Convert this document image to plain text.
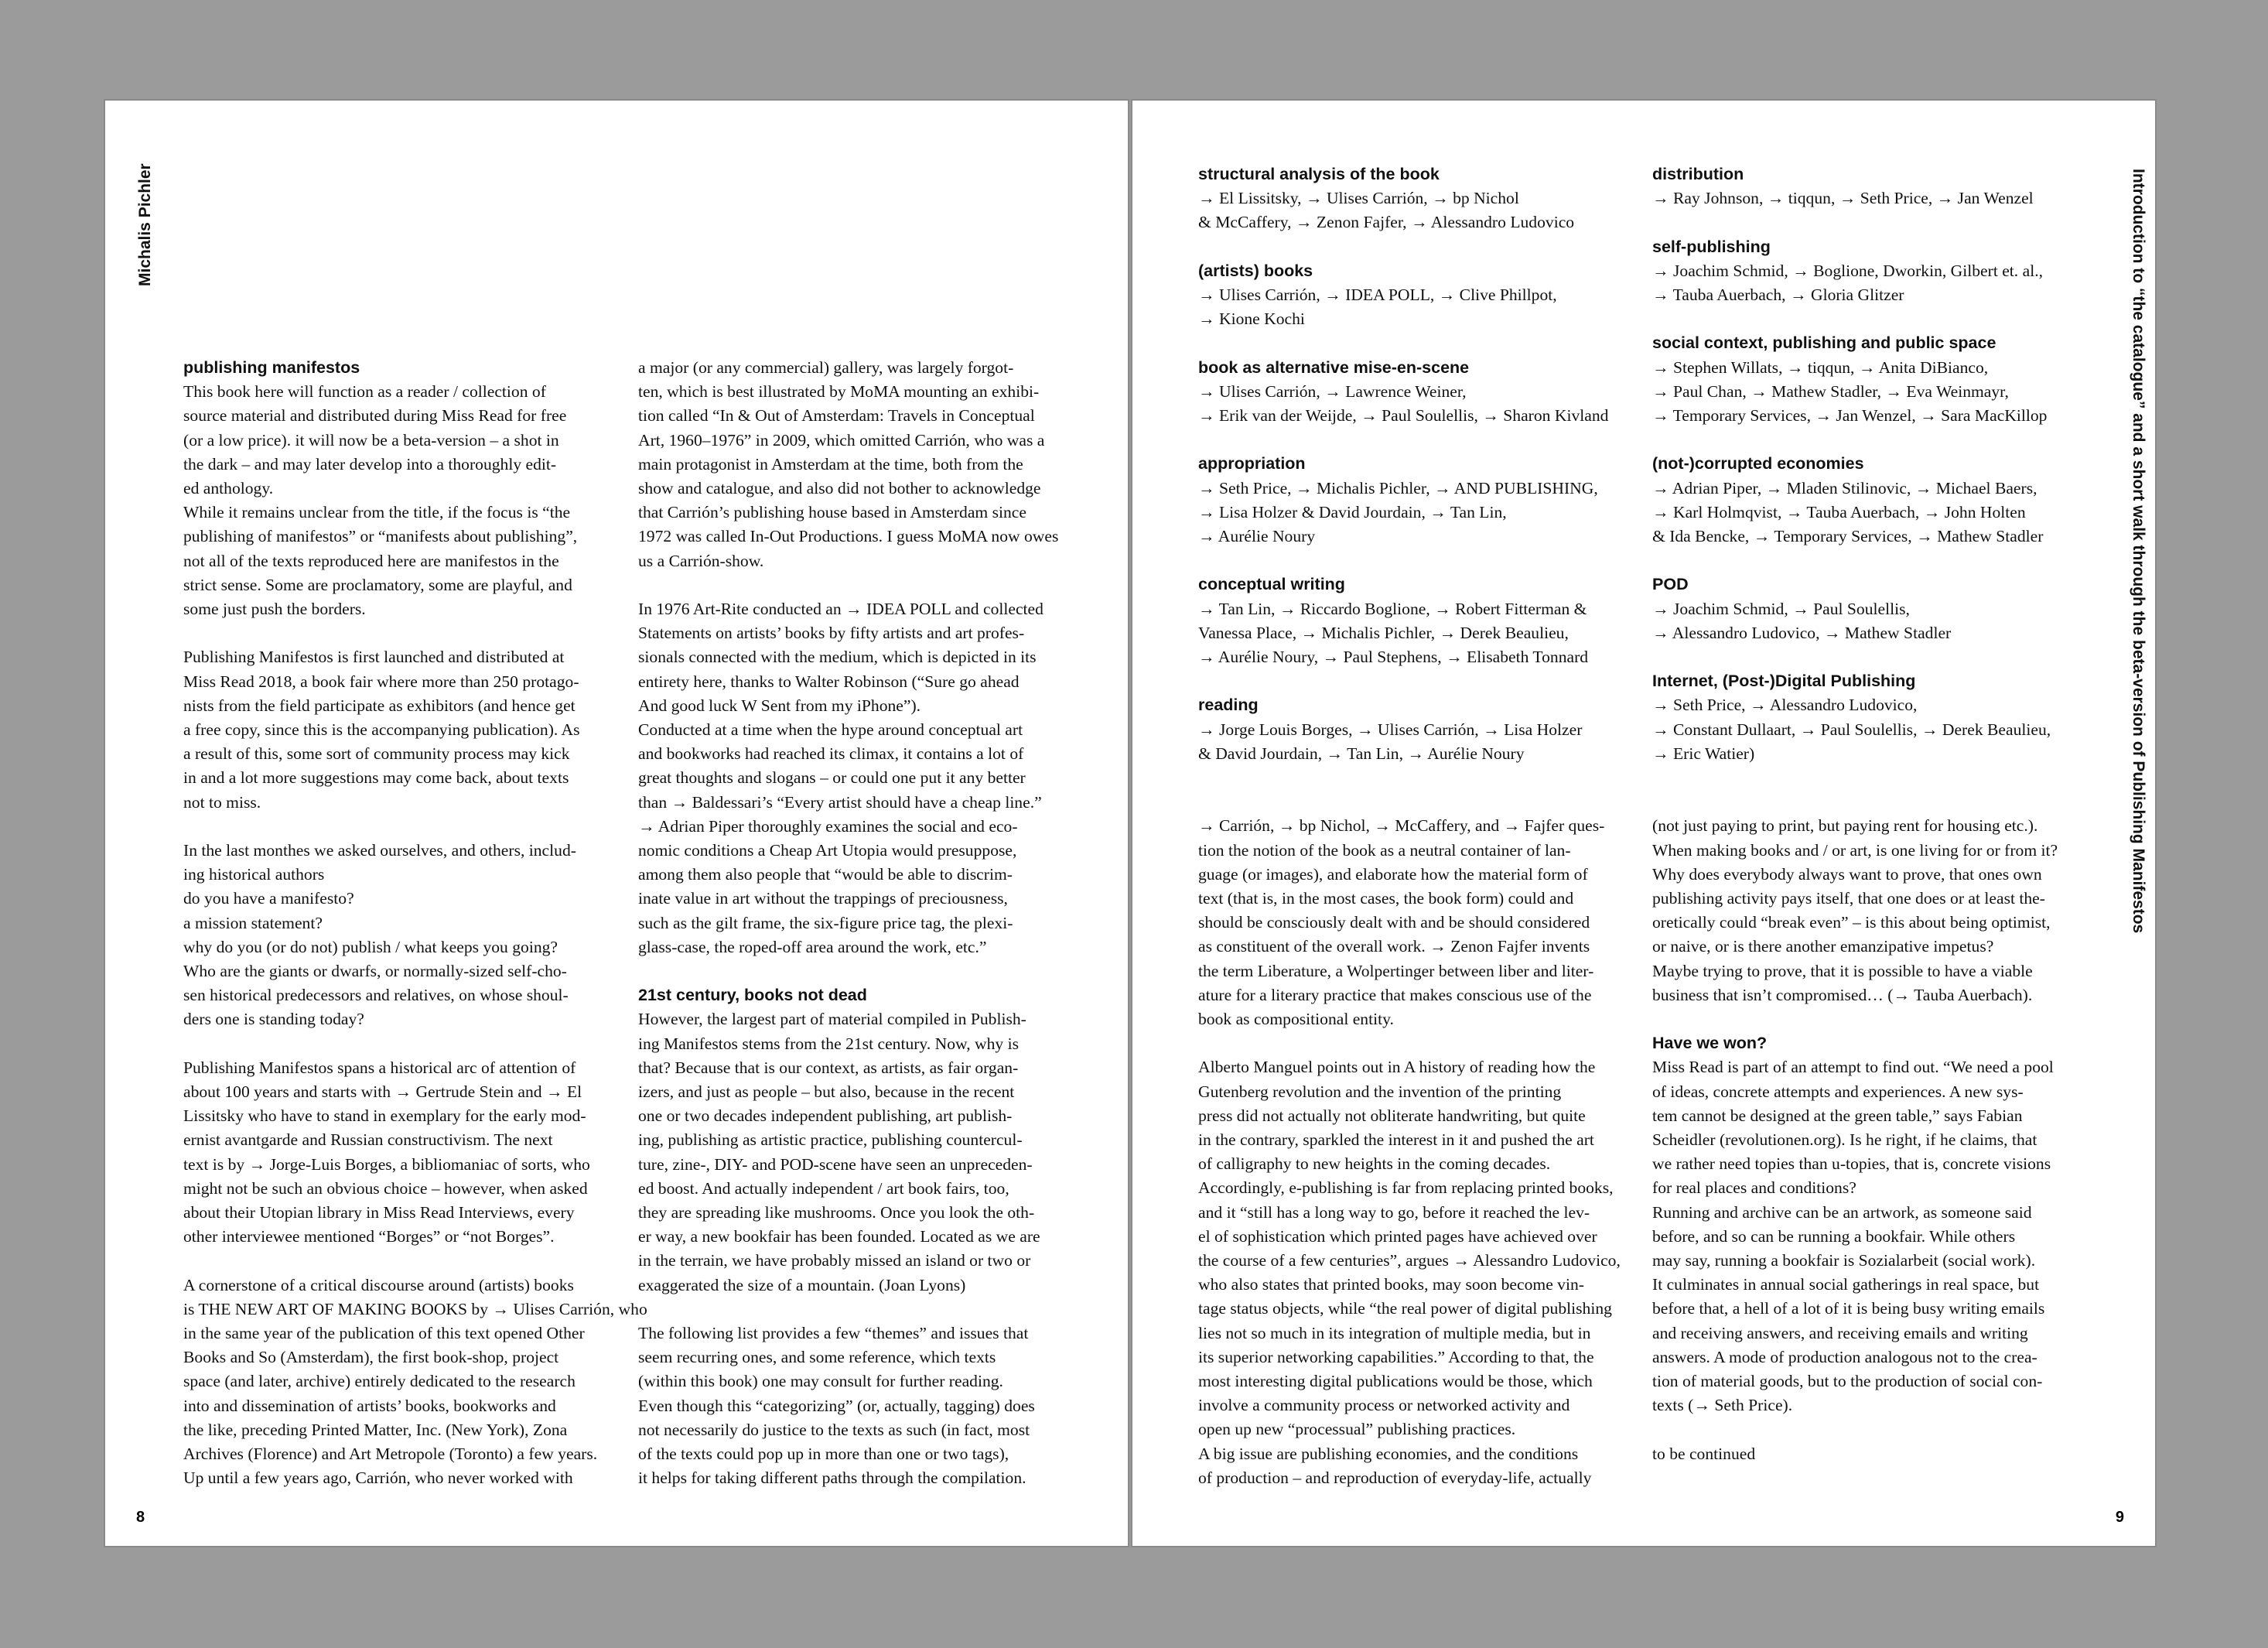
Michalis Pichler

publishing manifestos

This book here will function as a reader / collection of

source material and distributed during Miss Read for free

(or a low price). it will now be a beta-version – a shot in

the dark – and may later develop into a thoroughly edit-

ed anthology.

While it remains unclear from the title, if the focus is “the

publishing of manifestos” or “manifests about publishing”,

not all of the texts reproduced here are manifestos in the

strict sense. Some are proclamatory, some are playful, and

some just push the borders.

Publishing Manifestos is first launched and distributed at

Miss Read 2018, a book fair where more than 250 protago-

nists from the field participate as exhibitors (and hence get

a free copy, since this is the accompanying publication). As

a result of this, some sort of community process may kick

in and a lot more suggestions may come back, about texts

not to miss.

In the last monthes we asked ourselves, and others, includ-

ing historical authors

do you have a manifesto?

a mission statement?

why do you (or do not) publish / what keeps you going?

Who are the giants or dwarfs, or normally-sized self-cho-

sen historical predecessors and relatives, on whose shoul-

ders one is standing today?

Publishing Manifestos spans a historical arc of attention of

about 100 years and starts with → Gertrude Stein and → El

Lissitsky who have to stand in exemplary for the early mod-

ernist avantgarde and Russian constructivism. The next

text is by → Jorge-Luis Borges, a bibliomaniac of sorts, who

might not be such an obvious choice – however, when asked

about their Utopian library in Miss Read Interviews, every

other interviewee mentioned “Borges” or “not Borges”.

A cornerstone of a critical discourse around (artists) books

is THE NEW ART OF MAKING BOOKS by → Ulises Carrión, who

in the same year of the publication of this text opened Other

Books and So (Amsterdam), the first book-shop, project

space (and later, archive) entirely dedicated to the research

into and dissemination of artists’ books, bookworks and

the like, preceding Printed Matter, Inc. (New York), Zona

Archives (Florence) and Art Metropole (Toronto) a few years.

Up until a few years ago, Carrión, who never worked with

a major (or any commercial) gallery, was largely forgot-

ten, which is best illustrated by MoMA mounting an exhibi-

tion called “In & Out of Amsterdam: Travels in Conceptual

Art, 1960–1976” in 2009, which omitted Carrión, who was a

main protagonist in Amsterdam at the time, both from the

show and catalogue, and also did not bother to acknowledge

that Carrión’s publishing house based in Amsterdam since

1972 was called In-Out Productions. I guess MoMA now owes

us a Carrión-show.

In 1976 Art-Rite conducted an → IDEA POLL and collected

Statements on artists’ books by fifty artists and art profes-

sionals connected with the medium, which is depicted in its

entirety here, thanks to Walter Robinson (“Sure go ahead

And good luck W Sent from my iPhone”).

Conducted at a time when the hype around conceptual art

and bookworks had reached its climax, it contains a lot of

great thoughts and slogans – or could one put it any better

than → Baldessari’s “Every artist should have a cheap line.”

→ Adrian Piper thoroughly examines the social and eco-

nomic conditions a Cheap Art Utopia would presuppose,

among them also people that “would be able to discrim-

inate value in art without the trappings of preciousness,

such as the gilt frame, the six-figure price tag, the plexi-

glass-case, the roped-off area around the work, etc.”

21st century, books not dead

However, the largest part of material compiled in Publish-

ing Manifestos stems from the 21st century. Now, why is

that? Because that is our context, as artists, as fair organ-

izers, and just as people – but also, because in the recent

one or two decades independent publishing, art publish-

ing, publishing as artistic practice, publishing countercul-

ture, zine-, DIY- and POD-scene have seen an unpreceden-

ed boost. And actually independent / art book fairs, too,

they are spreading like mushrooms. Once you look the oth-

er way, a new bookfair has been founded. Located as we are

in the terrain, we have probably missed an island or two or

exaggerated the size of a mountain. (Joan Lyons)

The following list provides a few “themes” and issues that

seem recurring ones, and some reference, which texts

(within this book) one may consult for further reading.

Even though this “categorizing” (or, actually, tagging) does

not necessarily do justice to the texts as such (in fact, most

of the texts could pop up in more than one or two tags),

it helps for taking different paths through the compilation.

8
Introduction to “the catalogue” and a short walk through the beta-version of Publishing Manifestos

structural analysis of the book

→ El Lissitsky, → Ulises Carrión, → bp Nichol

& McCaffery, → Zenon Fajfer, → Alessandro Ludovico

(artists) books

→ Ulises Carrión, → IDEA POLL, → Clive Phillpot,

→ Kione Kochi

book as alternative mise-en-scene

→ Ulises Carrión, → Lawrence Weiner,

→ Erik van der Weijde, → Paul Soulellis, → Sharon Kivland

appropriation

→ Seth Price, → Michalis Pichler, → AND PUBLISHING,

→ Lisa Holzer & David Jourdain, → Tan Lin,

→ Aurélie Noury

conceptual writing

→ Tan Lin, → Riccardo Boglione, → Robert Fitterman &

Vanessa Place, → Michalis Pichler, → Derek Beaulieu,

→ Aurélie Noury, → Paul Stephens, → Elisabeth Tonnard

reading

→ Jorge Louis Borges, → Ulises Carrión, → Lisa Holzer

& David Jourdain, → Tan Lin, → Aurélie Noury

→ Carrión, → bp Nichol, → McCaffery, and → Fajfer ques-

tion the notion of the book as a neutral container of lan-

guage (or images), and elaborate how the material form of

text (that is, in the most cases, the book form) could and

should be consciously dealt with and be should considered

as constituent of the overall work. → Zenon Fajfer invents

the term Liberature, a Wolpertinger between liber and liter-

ature for a literary practice that makes conscious use of the

book as compositional entity.

Alberto Manguel points out in A history of reading how the

Gutenberg revolution and the invention of the printing

press did not actually not obliterate handwriting, but quite

in the contrary, sparkled the interest in it and pushed the art

of calligraphy to new heights in the coming decades.

Accordingly, e-publishing is far from replacing printed books,

and it “still has a long way to go, before it reached the lev-

el of sophistication which printed pages have achieved over

the course of a few centuries”, argues → Alessandro Ludovico,

who also states that printed books, may soon become vin-

tage status objects, while “the real power of digital publishing

lies not so much in its integration of multiple media, but in

its superior networking capabilities.” According to that, the

most interesting digital publications would be those, which

involve a community process or networked activity and

open up new “processual” publishing practices.

A big issue are publishing economies, and the conditions

of production – and reproduction of everyday-life, actually

distribution

→ Ray Johnson, → tiqqun, → Seth Price, → Jan Wenzel

self-publishing

→ Joachim Schmid, → Boglione, Dworkin, Gilbert et. al.,

→ Tauba Auerbach, → Gloria Glitzer

social context, publishing and public space

→ Stephen Willats, → tiqqun, → Anita DiBianco,

→ Paul Chan, → Mathew Stadler, → Eva Weinmayr,

→ Temporary Services, → Jan Wenzel, → Sara MacKillop

(not-)corrupted economies

→ Adrian Piper, → Mladen Stilinovic, → Michael Baers,

→ Karl Holmqvist, → Tauba Auerbach, → John Holten

& Ida Bencke, → Temporary Services, → Mathew Stadler

POD

→ Joachim Schmid, → Paul Soulellis,

→ Alessandro Ludovico, → Mathew Stadler

Internet, (Post-)Digital Publishing

→ Seth Price, → Alessandro Ludovico,

→ Constant Dullaart, → Paul Soulellis, → Derek Beaulieu,

→ Eric Watier)

(not just paying to print, but paying rent for housing etc.).

When making books and / or art, is one living for or from it?

Why does everybody always want to prove, that ones own

publishing activity pays itself, that one does or at least the-

oretically could “break even” – is this about being optimist,

or naive, or is there another emanzipative impetus?

Maybe trying to prove, that it is possible to have a viable

business that isn’t compromised… (→ Tauba Auerbach).

Have we won?

Miss Read is part of an attempt to find out. “We need a pool

of ideas, concrete attempts and experiences. A new sys-

tem cannot be designed at the green table,” says Fabian

Scheidler (revolutionen.org). Is he right, if he claims, that

we rather need topies than u-topies, that is, concrete visions

for real places and conditions?

Running and archive can be an artwork, as someone said

before, and so can be running a bookfair. While others

may say, running a bookfair is Sozialarbeit (social work).

It culminates in annual social gatherings in real space, but

before that, a hell of a lot of it is being busy writing emails

and receiving answers, and receiving emails and writing

answers. A mode of production analogous not to the crea-

tion of material goods, but to the production of social con-

texts (→ Seth Price).

to be continued

9
